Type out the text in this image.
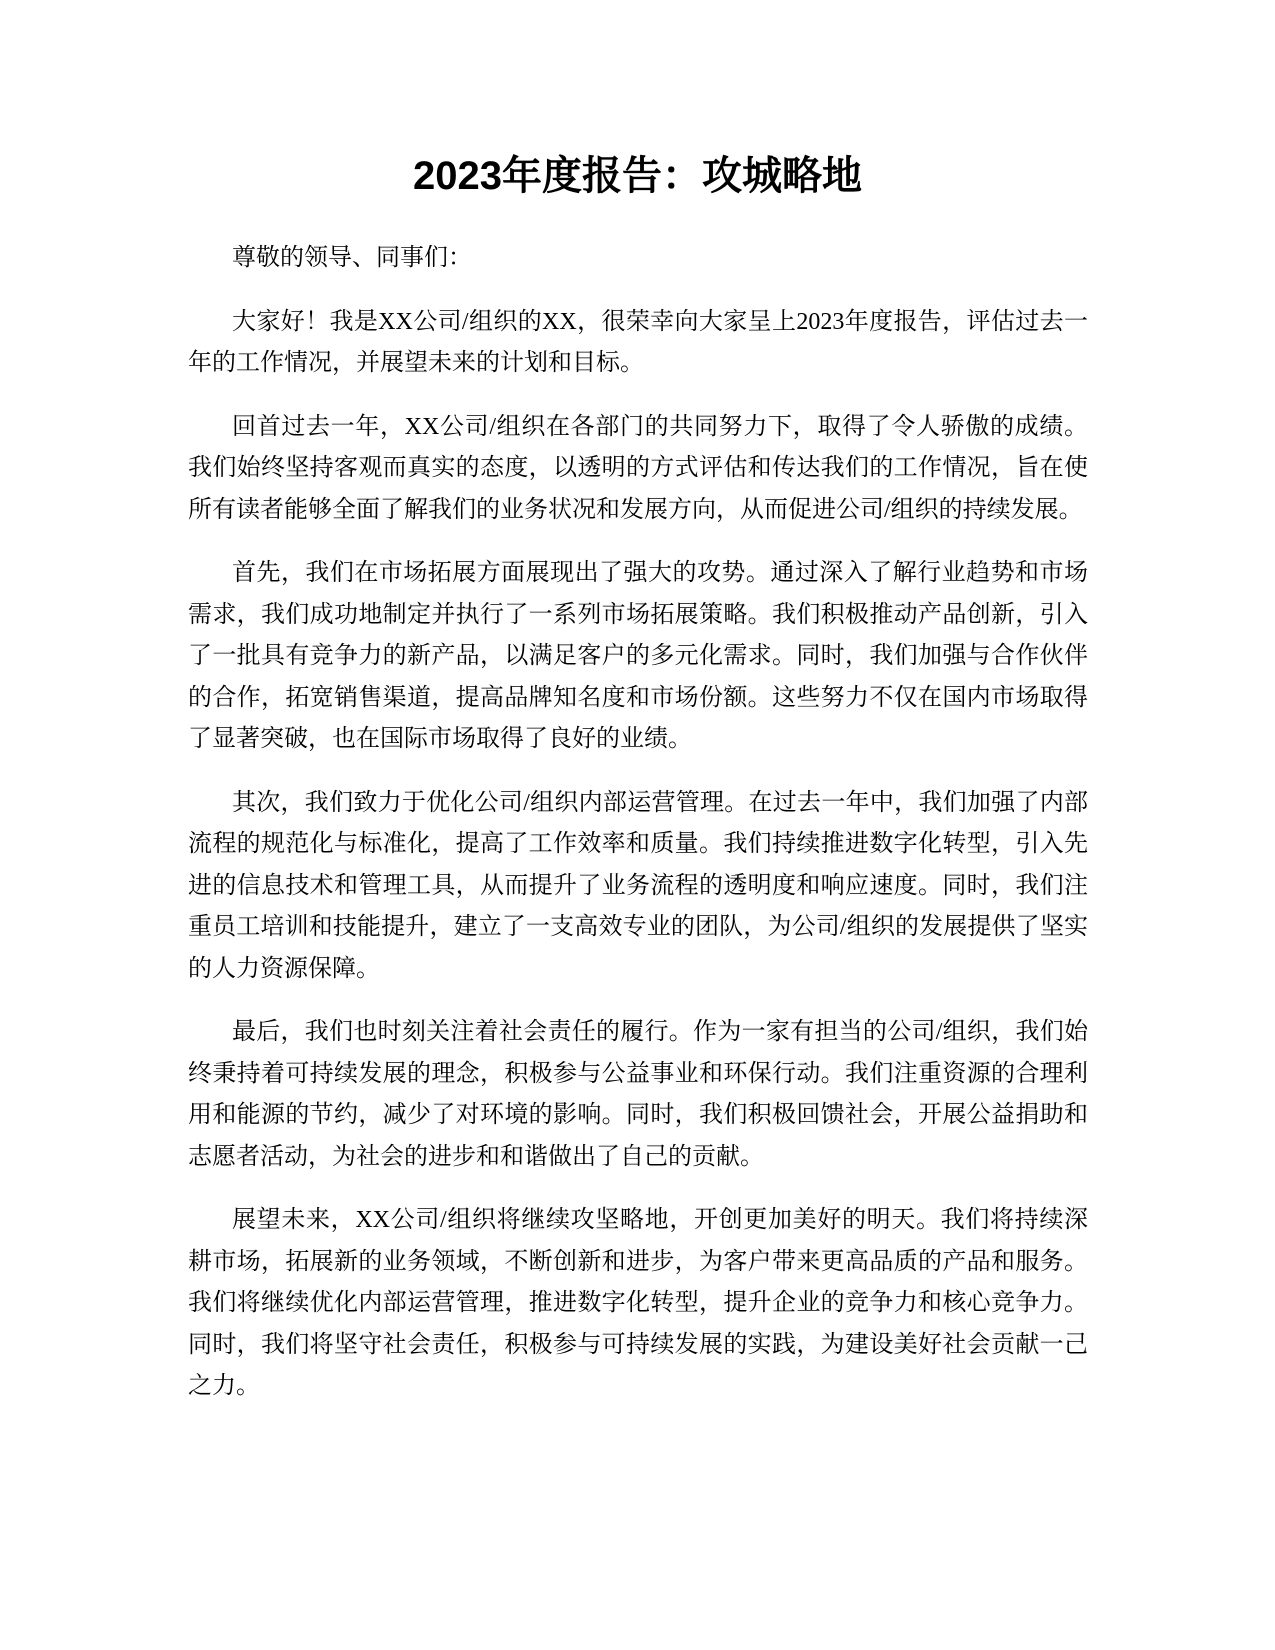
2023年度报告：攻城略地

尊敬的领导、同事们：

大家好！我是XX公司/组织的XX，很荣幸向大家呈上2023年度报告，评估过去一年的工作情况，并展望未来的计划和目标。

回首过去一年，XX公司/组织在各部门的共同努力下，取得了令人骄傲的成绩。我们始终坚持客观而真实的态度，以透明的方式评估和传达我们的工作情况，旨在使所有读者能够全面了解我们的业务状况和发展方向，从而促进公司/组织的持续发展。

首先，我们在市场拓展方面展现出了强大的攻势。通过深入了解行业趋势和市场需求，我们成功地制定并执行了一系列市场拓展策略。我们积极推动产品创新，引入了一批具有竞争力的新产品，以满足客户的多元化需求。同时，我们加强与合作伙伴的合作，拓宽销售渠道，提高品牌知名度和市场份额。这些努力不仅在国内市场取得了显著突破，也在国际市场取得了良好的业绩。

其次，我们致力于优化公司/组织内部运营管理。在过去一年中，我们加强了内部流程的规范化与标准化，提高了工作效率和质量。我们持续推进数字化转型，引入先进的信息技术和管理工具，从而提升了业务流程的透明度和响应速度。同时，我们注重员工培训和技能提升，建立了一支高效专业的团队，为公司/组织的发展提供了坚实的人力资源保障。

最后，我们也时刻关注着社会责任的履行。作为一家有担当的公司/组织，我们始终秉持着可持续发展的理念，积极参与公益事业和环保行动。我们注重资源的合理利用和能源的节约，减少了对环境的影响。同时，我们积极回馈社会，开展公益捐助和志愿者活动，为社会的进步和和谐做出了自己的贡献。

展望未来，XX公司/组织将继续攻坚略地，开创更加美好的明天。我们将持续深耕市场，拓展新的业务领域，不断创新和进步，为客户带来更高品质的产品和服务。我们将继续优化内部运营管理，推进数字化转型，提升企业的竞争力和核心竞争力。同时，我们将坚守社会责任，积极参与可持续发展的实践，为建设美好社会贡献一己之力。
